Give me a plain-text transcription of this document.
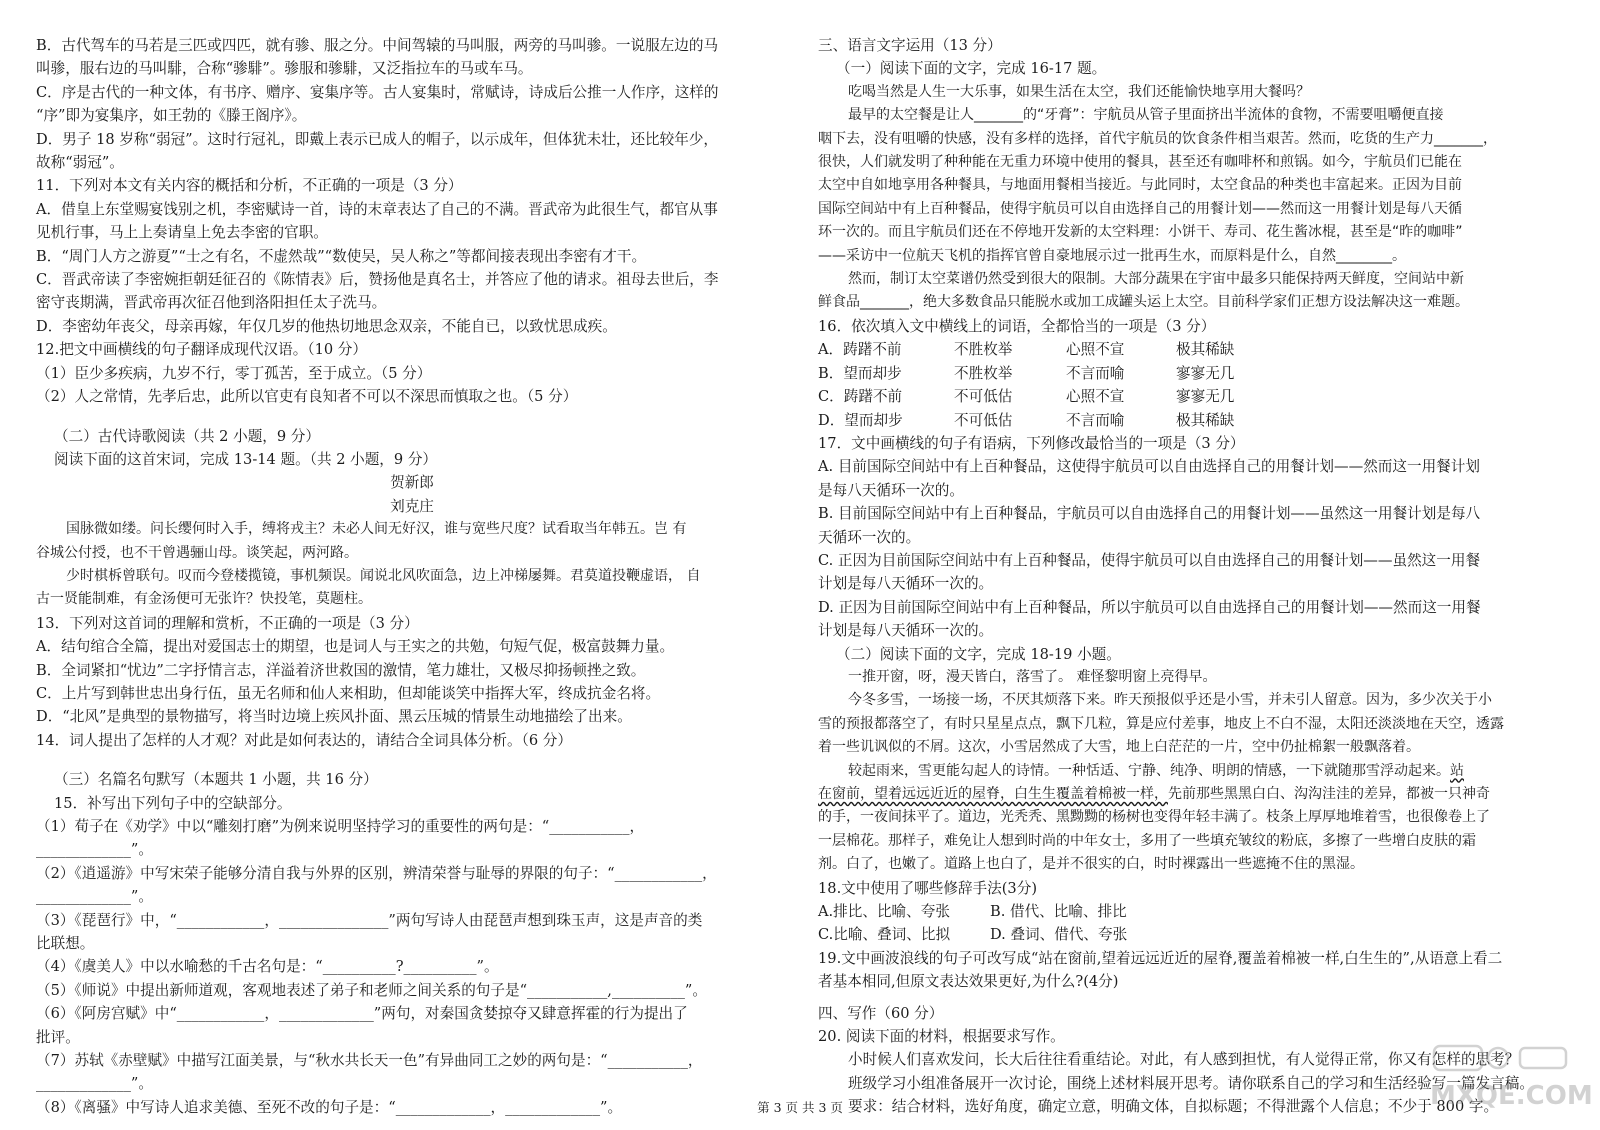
B．古代驾车的马若是三匹或四匹，就有骖、服之分。中间驾辕的马叫服，两旁的马叫骖。一说服左边的马
叫骖，服右边的马叫騑，合称“骖騑”。骖服和骖騑，又泛指拉车的马或车马。
C．序是古代的一种文体，有书序、赠序、宴集序等。古人宴集时，常赋诗，诗成后公推一人作序，这样的
“序”即为宴集序，如王勃的《滕王阁序》。
D．男子 18 岁称“弱冠”。这时行冠礼，即戴上表示已成人的帽子，以示成年，但体犹未壮，还比较年少，
故称“弱冠”。
11．下列对本文有关内容的概括和分析，不正确的一项是（3 分）
A．借皇上东堂赐宴饯别之机，李密赋诗一首，诗的末章表达了自己的不满。晋武帝为此很生气，都官从事
见机行事，马上上奏请皇上免去李密的官职。
B．“周门人方之游夏”“士之有名，不虚然哉”“数使吴，吴人称之”等都间接表现出李密有才干。
C．晋武帝读了李密婉拒朝廷征召的《陈情表》后，赞扬他是真名士，并答应了他的请求。祖母去世后，李
密守丧期满，晋武帝再次征召他到洛阳担任太子洗马。
D．李密幼年丧父，母亲再嫁，年仅几岁的他热切地思念双亲，不能自已，以致忧思成疾。
12.把文中画横线的句子翻译成现代汉语。（10 分）
（1）臣少多疾病，九岁不行，零丁孤苦，至于成立。（5 分）
（2）人之常情，先孝后忠，此所以官吏有良知者不可以不深思而慎取之也。（5 分）
（二）古代诗歌阅读（共 2 小题，9 分）
阅读下面的这首宋词，完成 13-14 题。（共 2 小题，9 分）
贺新郎
刘克庄
国脉微如缕。问长缨何时入手，缚将戎主？未必人间无好汉，谁与宽些尺度？试看取当年韩五。岂 有
谷城公付授，也不干曾遇骊山母。谈笑起，两河路。
少时棋柝曾联句。叹而今登楼揽镜，事机频误。闻说北风吹面急，边上冲梯屡舞。君莫道投鞭虚语， 自
古一贤能制难，有金汤便可无张许？快投笔，莫题柱。
13．下列对这首词的理解和赏析，不正确的一项是（3 分）
A．结句绾合全篇，提出对爱国志士的期望，也是词人与王实之的共勉，句短气促，极富鼓舞力量。
B．全词紧扣“忧边”二字抒情言志，洋溢着济世救国的激情，笔力雄壮，又极尽抑扬顿挫之致。
C．上片写到韩世忠出身行伍，虽无名师和仙人来相助，但却能谈笑中指挥大军，终成抗金名将。
D．“北风”是典型的景物描写，将当时边境上疾风扑面、黑云压城的情景生动地描绘了出来。
14．词人提出了怎样的人才观？对此是如何表达的，请结合全词具体分析。（6 分）
（三）名篇名句默写（本题共 1 小题，共 16 分）
15．补写出下列句子中的空缺部分。
（1）荀子在《劝学》中以“雕刻打磨”为例来说明坚持学习的重要性的两句是：“___________，
_____________”。
（2）《逍遥游》中写宋荣子能够分清自我与外界的区别，辨清荣誉与耻辱的界限的句子：“____________，
_____________”。
（3）《琵琶行》中，“____________，_______________”两句写诗人由琵琶声想到珠玉声，这是声音的类
比联想。
（4）《虞美人》中以水喻愁的千古名句是：“__________?__________”。
（5）《师说》中提出新师道观，客观地表述了弟子和老师之间关系的句子是“___________,__________”。
（6）《阿房宫赋》中“____________，_____________”两句，对秦国贪婪掠夺又肆意挥霍的行为提出了
批评。
（7）苏轼《赤壁赋》中描写江面美景，与“秋水共长天一色”有异曲同工之妙的两句是：“___________，
_____________”。
（8）《离骚》中写诗人追求美德、至死不改的句子是：“_____________，_____________”。
三、语言文字运用（13 分）
（一）阅读下面的文字，完成 16-17 题。
吃喝当然是人生一大乐事，如果生活在太空，我们还能愉快地享用大餐吗？
最早的太空餐是让人_______的“牙膏”：宇航员从管子里面挤出半流体的食物，不需要咀嚼便直接
咽下去，没有咀嚼的快感，没有多样的选择，首代宇航员的饮食条件相当艰苦。然而，吃货的生产力_______，
很快，人们就发明了种种能在无重力环境中使用的餐具，甚至还有咖啡杯和煎锅。如今，宇航员们已能在
太空中自如地享用各种餐具，与地面用餐相当接近。与此同时，太空食品的种类也丰富起来。正因为目前
国际空间站中有上百种餐品，使得宇航员可以自由选择自己的用餐计划——然而这一用餐计划是每八天循
环一次的。而且宇航员们还在不停地开发新的太空料理：小饼干、寿司、花生酱冰棍，甚至是“昨的咖啡”
——采访中一位航天飞机的指挥官曾自豪地展示过一批再生水，而原料是什么，自然________。
然而，制订太空菜谱仍然受到很大的限制。大部分蔬果在宇宙中最多只能保持两天鲜度，空间站中新
鲜食品_______，绝大多数食品只能脱水或加工成罐头运上太空。目前科学家们正想方设法解决这一难题。
16．依次填入文中横线上的词语，全都恰当的一项是（3 分）
A．踌躇不前	不胜枚举	心照不宣	极其稀缺
B．望而却步	不胜枚举	不言而喻	寥寥无几
C．踌躇不前	不可低估	心照不宣	寥寥无几
D．望而却步	不可低估	不言而喻	极其稀缺
17．文中画横线的句子有语病，下列修改最恰当的一项是（3 分）
A. 目前国际空间站中有上百种餐品，这使得宇航员可以自由选择自己的用餐计划——然而这一用餐计划
是每八天循环一次的。
B. 目前国际空间站中有上百种餐品，宇航员可以自由选择自己的用餐计划——虽然这一用餐计划是每八
天循环一次的。
C. 正因为目前国际空间站中有上百种餐品，使得宇航员可以自由选择自己的用餐计划——虽然这一用餐
计划是每八天循环一次的。
D. 正因为目前国际空间站中有上百种餐品，所以宇航员可以自由选择自己的用餐计划——然而这一用餐
计划是每八天循环一次的。
（二）阅读下面的文字，完成 18-19 小题。
一推开窗，呀，漫天皆白，落雪了。 难怪黎明窗上亮得早。
今冬多雪，一场接一场，不厌其烦落下来。昨天预报似乎还是小雪，并未引人留意。因为，多少次关于小
雪的预报都落空了，有时只星星点点，飘下几粒，算是应付差事，地皮上不白不湿，太阳还淡淡地在天空，透露
着一些讥讽似的不屑。这次，小雪居然成了大雪，地上白茫茫的一片，空中仍扯棉絮一般飘落着。
较起雨来，雪更能勾起人的诗情。一种恬适、宁静、纯净、明朗的情感，一下就随那雪浮动起来。站
在窗前，望着远远近近的屋脊，白生生覆盖着棉被一样，先前那些黑黑白白、沟沟洼洼的差异，都被一只神奇
的手，一夜间抹平了。道边，光秃秃、黑黝黝的杨树也变得年轻丰满了。枝条上厚厚地堆着雪，也很像卷上了
一层棉花。那样子，难免让人想到时尚的中年女士，多用了一些填充皱纹的粉底，多擦了一些增白皮肤的霜
剂。白了，也嫩了。道路上也白了，是并不很实的白，时时裸露出一些遮掩不住的黑湿。
18.文中使用了哪些修辞手法(3分)
A.排比、比喻、夸张	B. 借代、比喻、排比
C.比喻、叠词、比拟	D. 叠词、借代、夸张
19.文中画波浪线的句子可改写成“站在窗前,望着远远近近的屋脊,覆盖着棉被一样,白生生的”,从语意上看二
者基本相同,但原文表达效果更好,为什么?(4分)
四、写作（60 分）
20. 阅读下面的材料，根据要求写作。
小时候人们喜欢发问，长大后往往看重结论。对此，有人感到担忧，有人觉得正常，你又有怎样的思考？
班级学习小组准备展开一次讨论，围绕上述材料展开思考。请你联系自己的学习和生活经验写一篇发言稿。
要求：结合材料，选好角度，确定立意，明确文体，自拟标题；不得泄露个人信息；不少于 800 字。
第 3 页 共 3 页	MXQE.COM
